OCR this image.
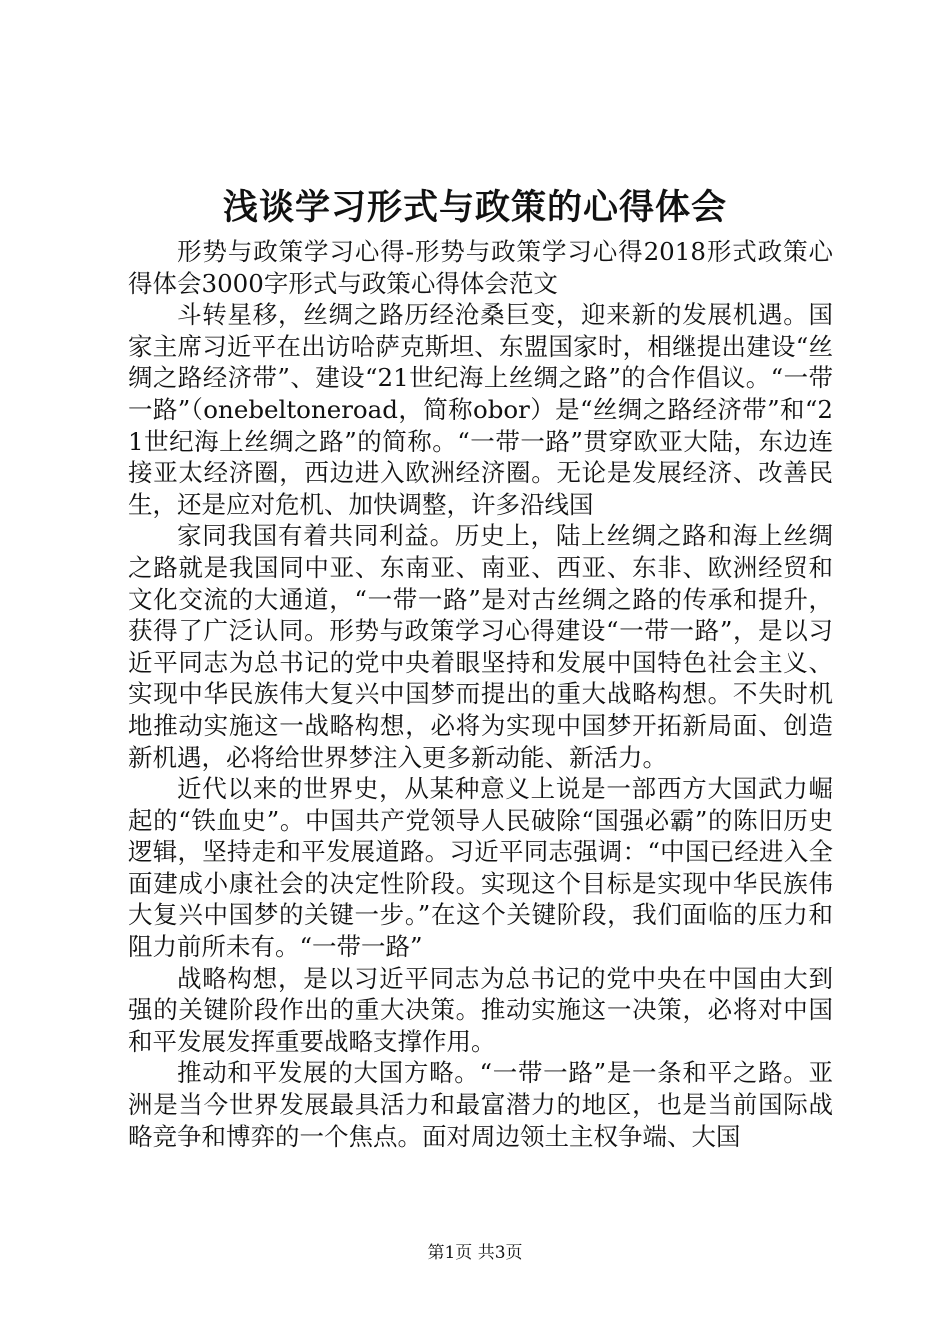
浅谈学习形式与政策的心得体会

形势与政策学习心得-形势与政策学习心得2018形式政策心得体会3000字形式与政策心得体会范文

斗转星移，丝绸之路历经沧桑巨变，迎来新的发展机遇。国家主席习近平在出访哈萨克斯坦、东盟国家时，相继提出建设“丝绸之路经济带”、建设“21世纪海上丝绸之路”的合作倡议。“一带一路”（onebeltoneroad，简称obor）是“丝绸之路经济带”和“21世纪海上丝绸之路”的简称。“一带一路”贯穿欧亚大陆，东边连接亚太经济圈，西边进入欧洲经济圈。无论是发展经济、改善民生，还是应对危机、加快调整，许多沿线国

家同我国有着共同利益。历史上，陆上丝绸之路和海上丝绸之路就是我国同中亚、东南亚、南亚、西亚、东非、欧洲经贸和文化交流的大通道，“一带一路”是对古丝绸之路的传承和提升，获得了广泛认同。形势与政策学习心得建设“一带一路”，是以习近平同志为总书记的党中央着眼坚持和发展中国特色社会主义、实现中华民族伟大复兴中国梦而提出的重大战略构想。不失时机地推动实施这一战略构想，必将为实现中国梦开拓新局面、创造新机遇，必将给世界梦注入更多新动能、新活力。

近代以来的世界史，从某种意义上说是一部西方大国武力崛起的“铁血史”。中国共产党领导人民破除“国强必霸”的陈旧历史逻辑，坚持走和平发展道路。习近平同志强调：“中国已经进入全面建成小康社会的决定性阶段。实现这个目标是实现中华民族伟大复兴中国梦的关键一步。”在这个关键阶段，我们面临的压力和阻力前所未有。“一带一路”

战略构想，是以习近平同志为总书记的党中央在中国由大到强的关键阶段作出的重大决策。推动实施这一决策，必将对中国和平发展发挥重要战略支撑作用。

推动和平发展的大国方略。“一带一路”是一条和平之路。亚洲是当今世界发展最具活力和最富潜力的地区，也是当前国际战略竞争和博弈的一个焦点。面对周边领土主权争端、大国

第1页 共3页
